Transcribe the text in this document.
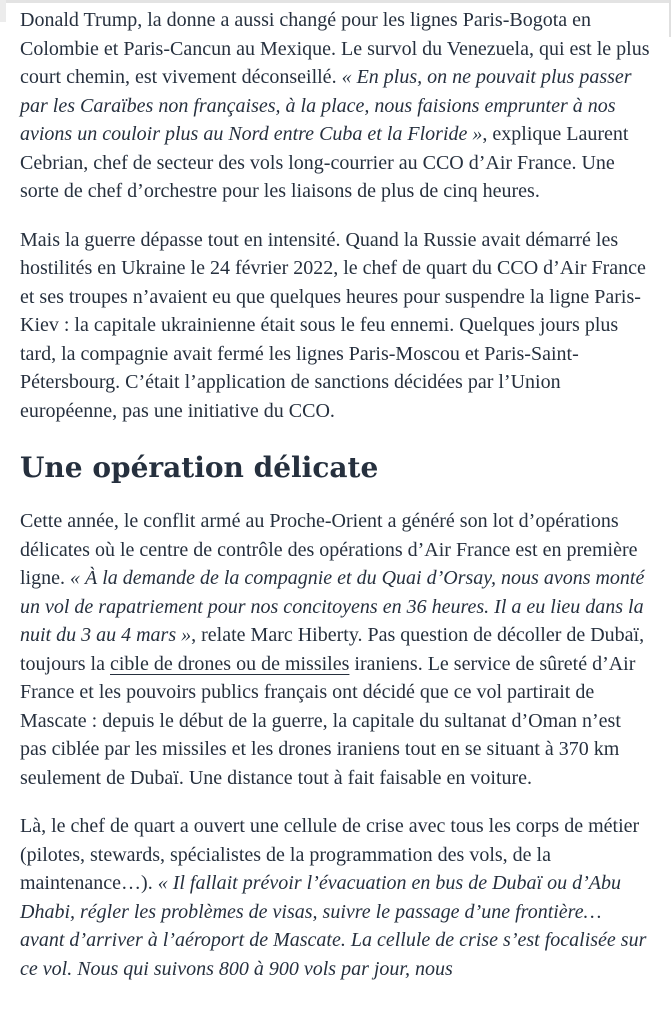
Donald Trump, la donne a aussi changé pour les lignes Paris-Bogota en Colombie et Paris-Cancun au Mexique. Le survol du Venezuela, qui est le plus court chemin, est vivement déconseillé. « En plus, on ne pouvait plus passer par les Caraïbes non françaises, à la place, nous faisions emprunter à nos avions un couloir plus au Nord entre Cuba et la Floride », explique Laurent Cebrian, chef de secteur des vols long-courrier au CCO d’Air France. Une sorte de chef d’orchestre pour les liaisons de plus de cinq heures.

Mais la guerre dépasse tout en intensité. Quand la Russie avait démarré les hostilités en Ukraine le 24 février 2022, le chef de quart du CCO d’Air France et ses troupes n’avaient eu que quelques heures pour suspendre la ligne Paris-Kiev : la capitale ukrainienne était sous le feu ennemi. Quelques jours plus tard, la compagnie avait fermé les lignes Paris-Moscou et Paris-Saint-Pétersbourg. C’était l’application de sanctions décidées par l’Union européenne, pas une initiative du CCO.

Une opération délicate

Cette année, le conflit armé au Proche-Orient a généré son lot d’opérations délicates où le centre de contrôle des opérations d’Air France est en première ligne. « À la demande de la compagnie et du Quai d’Orsay, nous avons monté un vol de rapatriement pour nos concitoyens en 36 heures. Il a eu lieu dans la nuit du 3 au 4 mars », relate Marc Hiberty. Pas question de décoller de Dubaï, toujours la cible de drones ou de missiles iraniens. Le service de sûreté d’Air France et les pouvoirs publics français ont décidé que ce vol partirait de Mascate : depuis le début de la guerre, la capitale du sultanat d’Oman n’est pas ciblée par les missiles et les drones iraniens tout en se situant à 370 km seulement de Dubaï. Une distance tout à fait faisable en voiture.

Là, le chef de quart a ouvert une cellule de crise avec tous les corps de métier (pilotes, stewards, spécialistes de la programmation des vols, de la maintenance…). « Il fallait prévoir l’évacuation en bus de Dubaï ou d’Abu Dhabi, régler les problèmes de visas, suivre le passage d’une frontière… avant d’arriver à l’aéroport de Mascate. La cellule de crise s’est focalisée sur ce vol. Nous qui suivons 800 à 900 vols par jour, nous
